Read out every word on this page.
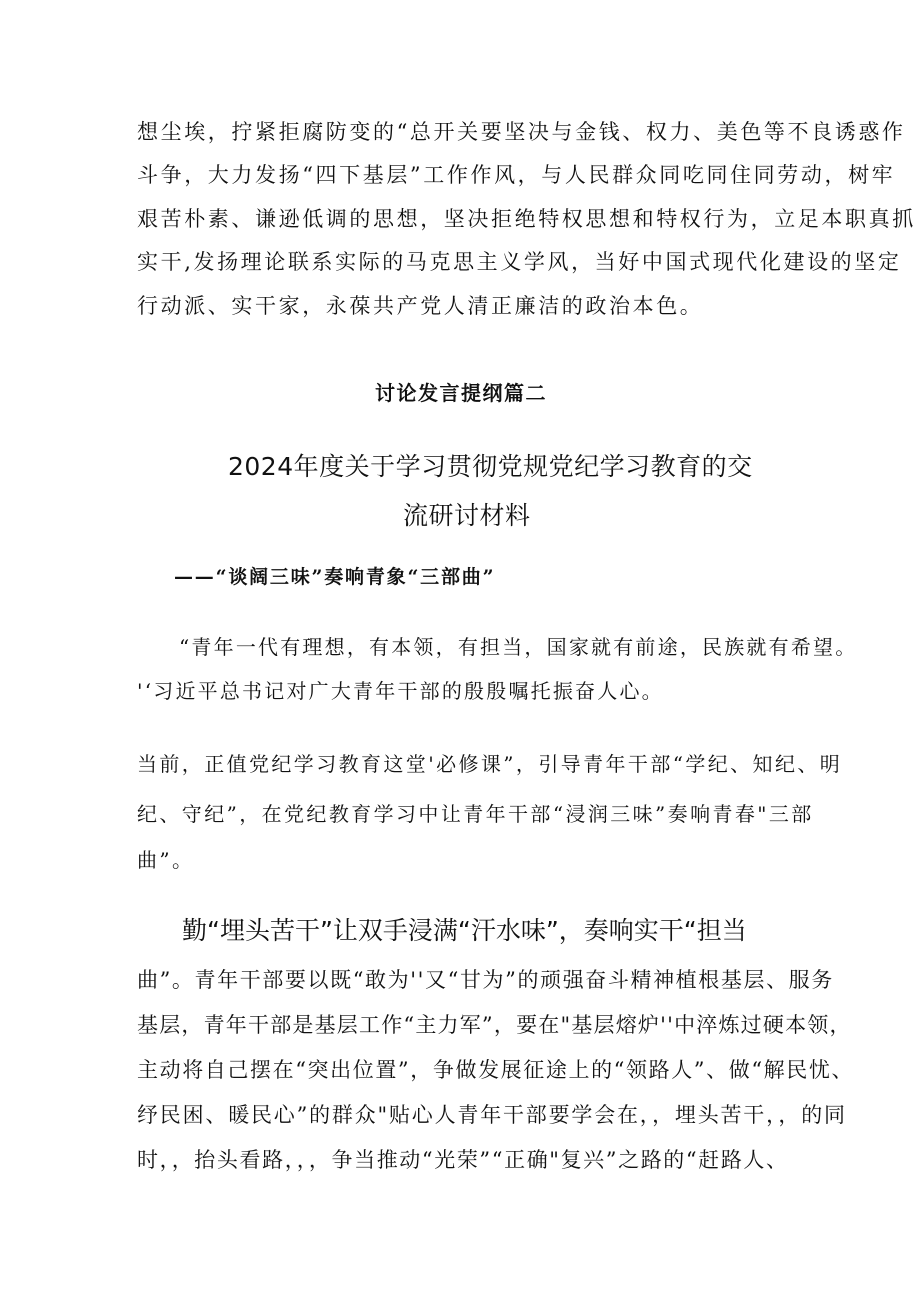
想尘埃，拧紧拒腐防变的“总开关要坚决与金钱、权力、美色等不良诱惑作
斗争，大力发扬“四下基层”工作作风，与人民群众同吃同住同劳动，树牢
艰苦朴素、谦逊低调的思想，坚决拒绝特权思想和特权行为，立足本职真抓
实干,发扬理论联系实际的马克思主义学风，当好中国式现代化建设的坚定
行动派、实干家，永葆共产党人清正廉洁的政治本色。
讨论发言提纲篇二
2024年度关于学习贯彻党规党纪学习教育的交
流研讨材料
——“谈阔三味”奏响青象“三部曲”
“青年一代有理想，有本领，有担当，国家就有前途，民族就有希望。
'‘习近平总书记对广大青年干部的殷殷嘱托振奋人心。
当前，正值党纪学习教育这堂'必修课”，引导青年干部“学纪、知纪、明
纪、守纪”，在党纪教育学习中让青年干部“浸润三味”奏响青春"三部
曲”。
勤“埋头苦干”让双手浸满“汗水味”，奏响实干“担当
曲”。青年干部要以既“敢为''又“甘为”的顽强奋斗精神植根基层、服务
基层，青年干部是基层工作“主力军”，要在"基层熔炉''中淬炼过硬本领，
主动将自己摆在“突出位置”，争做发展征途上的“领路人”、做“解民忧、
纾民困、暖民心”的群众"贴心人青年干部要学会在，，埋头苦干，，的同
时，，抬头看路，，，争当推动“光荣”“正确"复兴”之路的“赶路人、
